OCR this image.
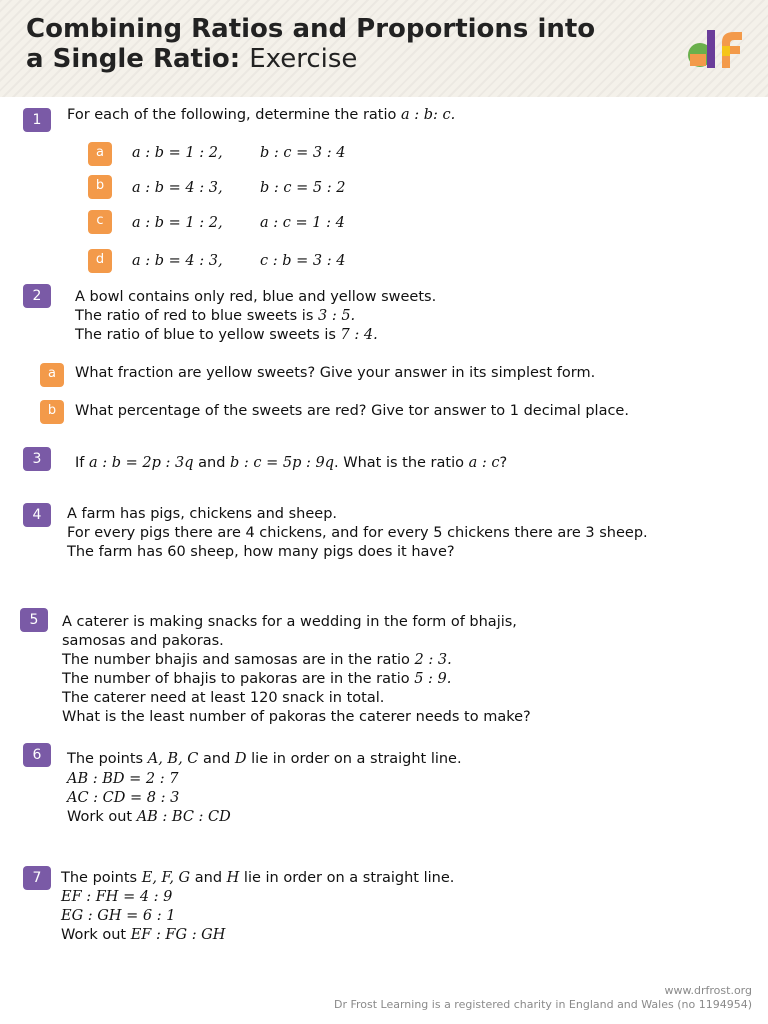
Combining Ratios and Proportions into
a Single Ratio: Exercise
1	For each of the following, determine the ratio a : b: c.
a	a : b = 1 : 2,	b : c = 3 : 4
b	a : b = 4 : 3,	b : c = 5 : 2
c	a : b = 1 : 2,	a : c = 1 : 4
d	a : b = 4 : 3,	c : b = 3 : 4
2	A bowl contains only red, blue and yellow sweets.
The ratio of red to blue sweets is 3 : 5.
The ratio of blue to yellow sweets is 7 : 4.
a	What fraction are yellow sweets? Give your answer in its simplest form.
b	What percentage of the sweets are red? Give tor answer to 1 decimal place.
3	If a : b = 2p : 3q and b : c = 5p : 9q. What is the ratio a : c?
4	A farm has pigs, chickens and sheep.
For every pigs there are 4 chickens, and for every 5 chickens there are 3 sheep.
The farm has 60 sheep, how many pigs does it have?
5	A caterer is making snacks for a wedding in the form of bhajis,
samosas and pakoras.
The number bhajis and samosas are in the ratio 2 : 3.
The number of bhajis to pakoras are in the ratio 5 : 9.
The caterer need at least 120 snack in total.
What is the least number of pakoras the caterer needs to make?
6	The points A, B, C and D lie in order on a straight line.
AB : BD = 2 : 7
AC : CD = 8 : 3
Work out AB : BC : CD
7	The points E, F, G and H lie in order on a straight line.
EF : FH = 4 : 9
EG : GH = 6 : 1
Work out EF : FG : GH
www.drfrost.org
Dr Frost Learning is a registered charity in England and Wales (no 1194954)
